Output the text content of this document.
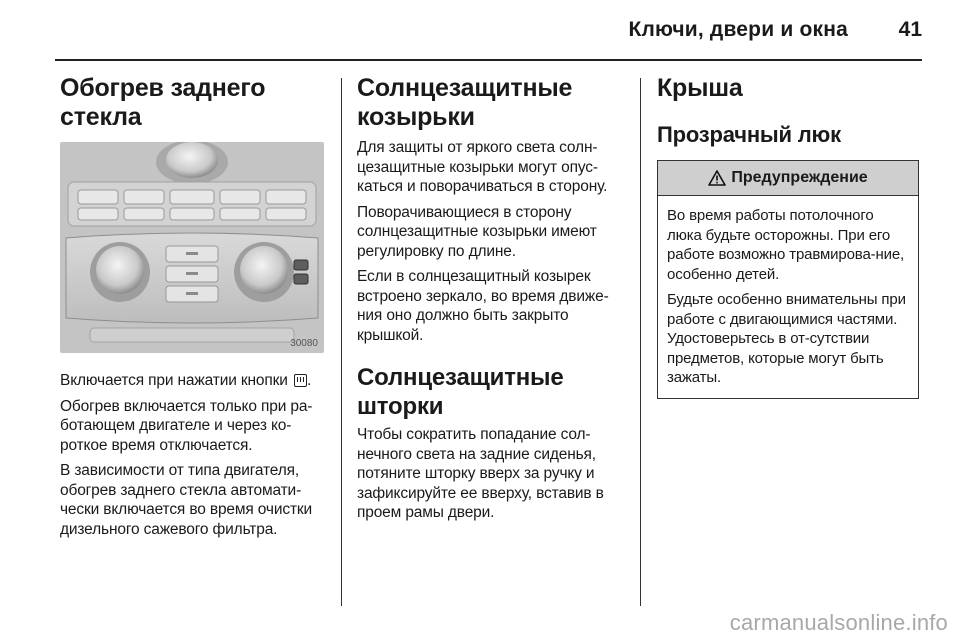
Ключи, двери и окна 41
Обогрев заднего стекла
30080

Включается при нажатии кнопки .

Обогрев включается только при ра-ботающем двигателе и через ко-роткое время отключается.

В зависимости от типа двигателя, обогрев заднего стекла автомати-чески включается во время очистки дизельного сажевого фильтра.

Солнцезащитные козырьки

Для защиты от яркого света солн-цезащитные козырьки могут опус-каться и поворачиваться в сторону.

Поворачивающиеся в сторону солнцезащитные козырьки имеют регулировку по длине.

Если в солнцезащитный козырек встроено зеркало, во время движе-ния оно должно быть закрыто крышкой.

Солнцезащитные шторки

Чтобы сократить попадание сол-нечного света на задние сиденья, потяните шторку вверх за ручку и зафиксируйте ее вверху, вставив в проем рамы двери.

Крыша
Прозрачный люк
Предупреждение

Во время работы потолочного люка будьте осторожны. При его работе возможно травмирова-ние, особенно детей.

Будьте особенно внимательны при работе с двигающимися частями. Удостоверьтесь в от-сутствии предметов, которые могут быть зажаты.

carmanualsonline.info
